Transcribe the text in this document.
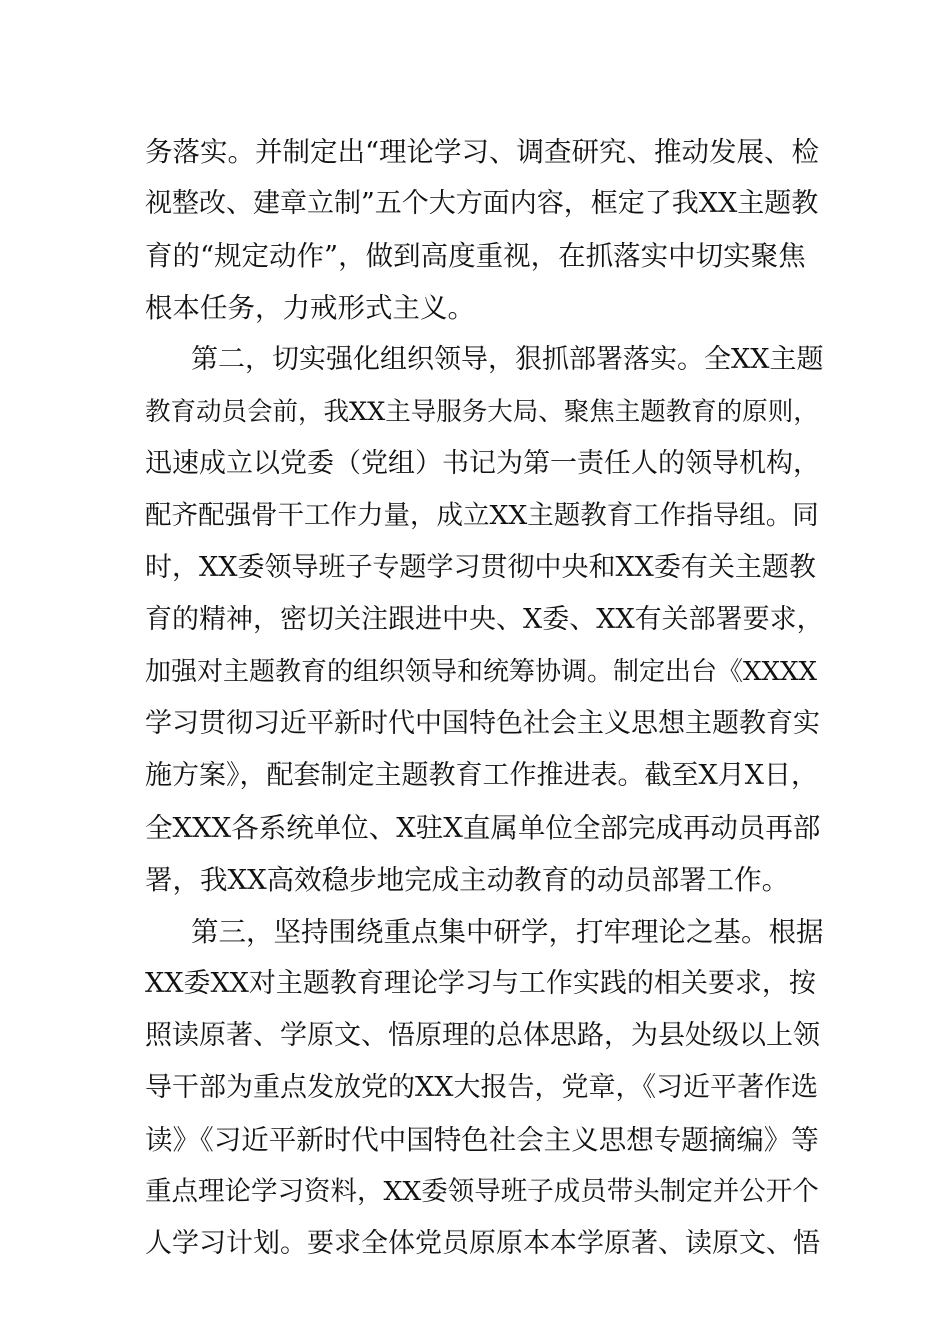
务落实。并制定出“理论学习、调查研究、推动发展、检
视整改、建章立制”五个大方面内容，框定了我XX主题教
育的“规定动作”，做到高度重视，在抓落实中切实聚焦
根本任务，力戒形式主义。
第二，切实强化组织领导，狠抓部署落实。全XX主题
教育动员会前，我XX主导服务大局、聚焦主题教育的原则，
迅速成立以党委（党组）书记为第一责任人的领导机构，
配齐配强骨干工作力量，成立XX主题教育工作指导组。同
时，XX委领导班子专题学习贯彻中央和XX委有关主题教
育的精神，密切关注跟进中央、X委、XX有关部署要求，
加强对主题教育的组织领导和统筹协调。制定出台《XXXX
学习贯彻习近平新时代中国特色社会主义思想主题教育实
施方案》，配套制定主题教育工作推进表。截至X月X日，
全XXX各系统单位、X驻X直属单位全部完成再动员再部
署，我XX高效稳步地完成主动教育的动员部署工作。
第三，坚持围绕重点集中研学，打牢理论之基。根据
XX委XX对主题教育理论学习与工作实践的相关要求，按
照读原著、学原文、悟原理的总体思路，为县处级以上领
导干部为重点发放党的XX大报告，党章，《习近平著作选
读》《习近平新时代中国特色社会主义思想专题摘编》等
重点理论学习资料，XX委领导班子成员带头制定并公开个
人学习计划。要求全体党员原原本本学原著、读原文、悟
